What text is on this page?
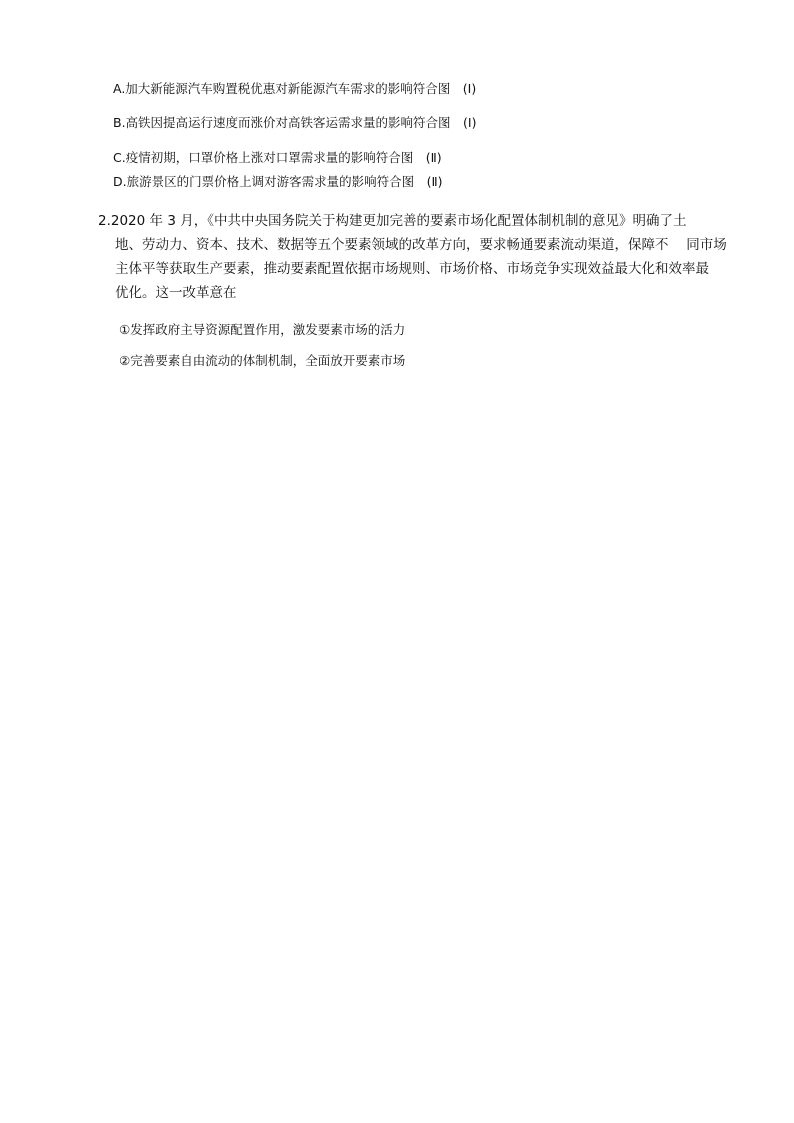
A.加大新能源汽车购置税优惠对新能源汽车需求的影响符合图　(I)
B.高铁因提高运行速度而涨价对高铁客运需求量的影响符合图　(I)
C.疫情初期，口罩价格上涨对口罩需求量的影响符合图　(Ⅱ)
D.旅游景区的门票价格上调对游客需求量的影响符合图　(Ⅱ)
2.2020 年 3 月，《中共中央国务院关于构建更加完善的要素市场化配置体制机制的意见》明确了土
地、劳动力、资本、技术、数据等五个要素领域的改革方向，要求畅通要素流动渠道，保障不　 同市场
主体平等获取生产要素，推动要素配置依据市场规则、市场价格、市场竞争实现效益最大化和效率最
优化。这一改革意在
①发挥政府主导资源配置作用，激发要素市场的活力
②完善要素自由流动的体制机制，全面放开要素市场
